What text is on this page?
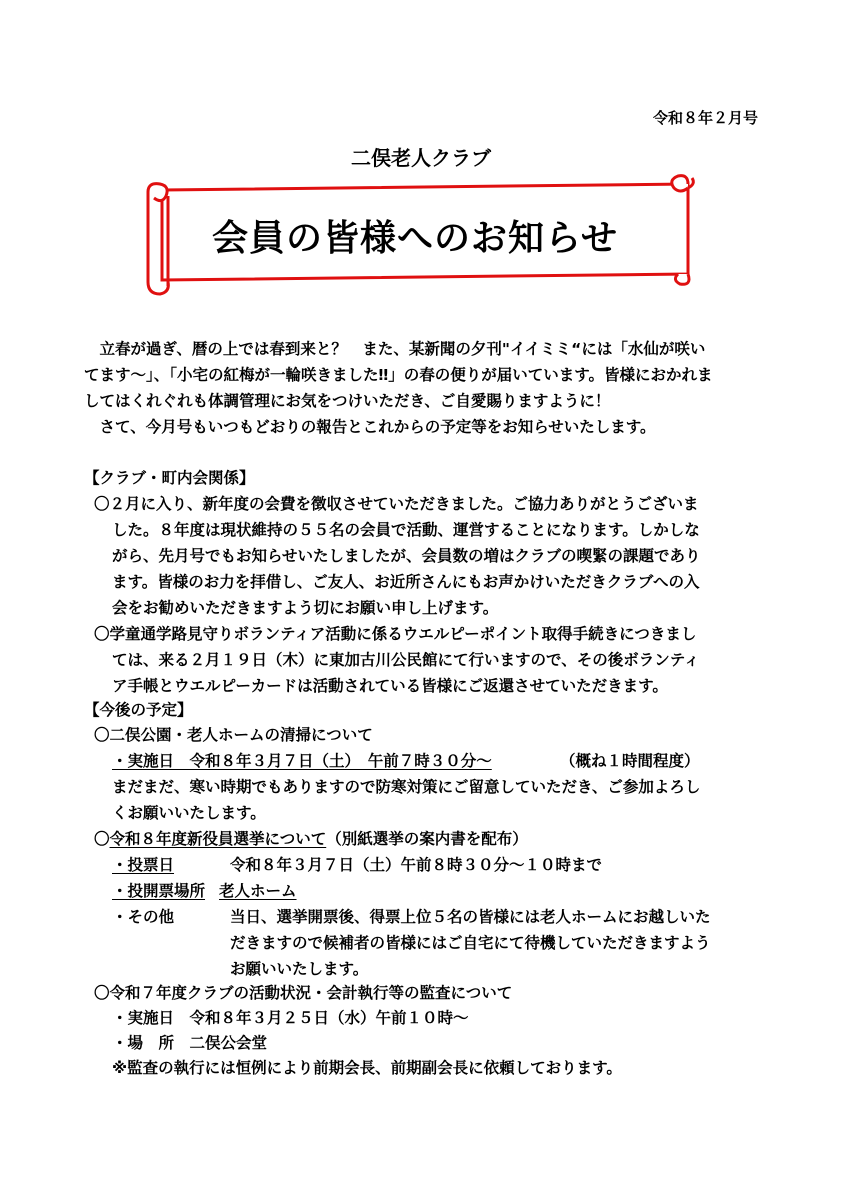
令和８年２月号
二俣老人クラブ
会員の皆様へのお知らせ
　立春が過ぎ、暦の上では春到来と？　また、某新聞の夕刊"イイミミ“には「水仙が咲い
てます～」、「小宅の紅梅が一輪咲きました‼」の春の便りが届いています。皆様におかれま
してはくれぐれも体調管理にお気をつけいただき、ご自愛賜りますように！
　さて、今月号もいつもどおりの報告とこれからの予定等をお知らせいたします。
【クラブ・町内会関係】
〇２月に入り、新年度の会費を徴収させていただきました。ご協力ありがとうございま
した。８年度は現状維持の５５名の会員で活動、運営することになります。しかしな
がら、先月号でもお知らせいたしましたが、会員数の増はクラブの喫緊の課題であり
ます。皆様のお力を拝借し、ご友人、お近所さんにもお声かけいただきクラブへの入
会をお勧めいただきますよう切にお願い申し上げます。
〇学童通学路見守りボランティア活動に係るウエルピーポイント取得手続きにつきまし
ては、来る２月１９日（木）に東加古川公民館にて行いますので、その後ボランティ
ア手帳とウエルピーカードは活動されている皆様にご返還させていただきます。
【今後の予定】
〇二俣公園・老人ホームの清掃について
・実施日　令和８年３月７日（土）　午前７時３０分～	（概ね１時間程度）
まだまだ、寒い時期でもありますので防寒対策にご留意していただき、ご参加よろし
くお願いいたします。
〇令和８年度新役員選挙について（別紙選挙の案内書を配布）
・投票日	令和８年３月７日（土）午前８時３０分～１０時まで
・投開票場所 老人ホーム
・その他	当日、選挙開票後、得票上位５名の皆様には老人ホームにお越しいた
だきますので候補者の皆様にはご自宅にて待機していただきますよう
お願いいたします。
〇令和７年度クラブの活動状況・会計執行等の監査について
・実施日　令和８年３月２５日（水）午前１０時～
・場　所　二俣公会堂
※監査の執行には恒例により前期会長、前期副会長に依頼しております。
